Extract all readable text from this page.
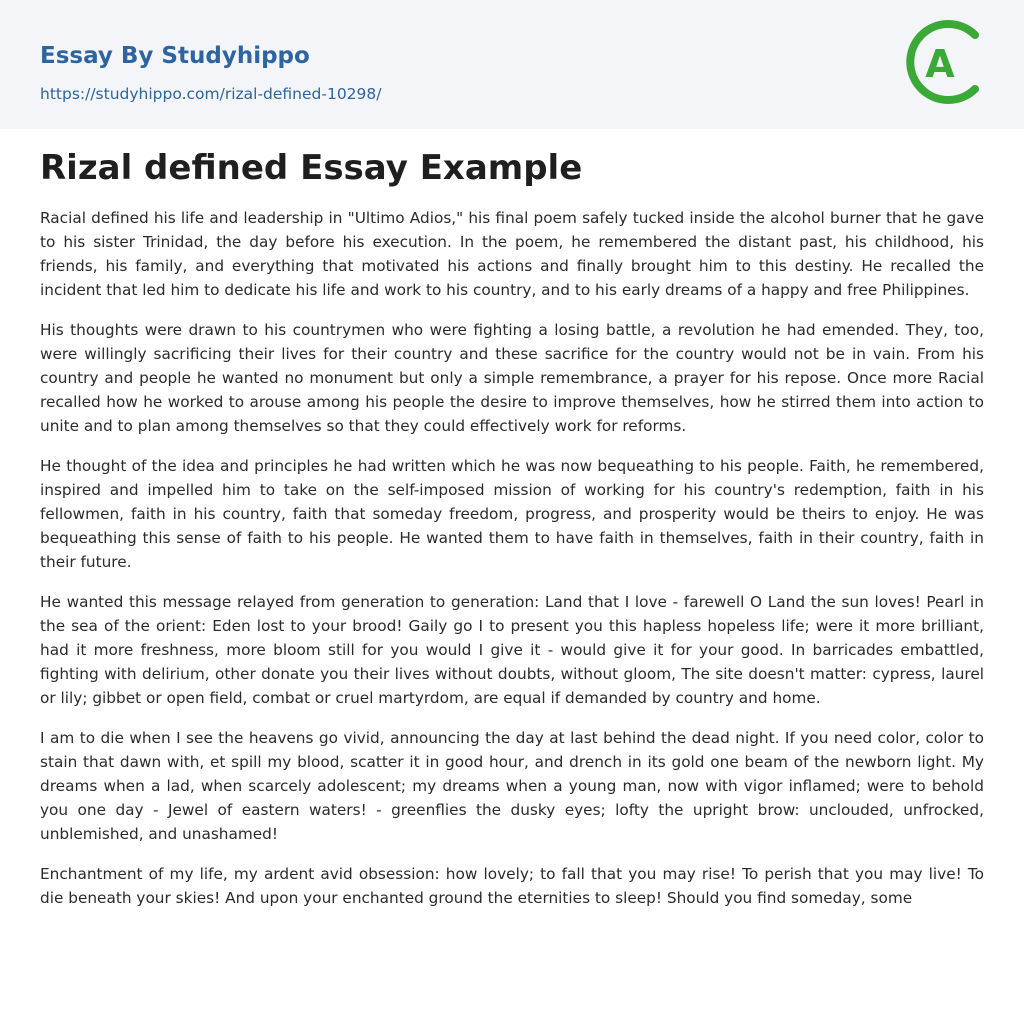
Essay By Studyhippo
https://studyhippo.com/rizal-defined-10298/
A
Rizal defined Essay Example

Racial defined his life and leadership in "Ultimo Adios," his final poem safely tucked inside the alcohol burner that he gave to his sister Trinidad, the day before his execution. In the poem, he remembered the distant past, his childhood, his friends, his family, and everything that motivated his actions and finally brought him to this destiny. He recalled the incident that led him to dedicate his life and work to his country, and to his early dreams of a happy and free Philippines.

His thoughts were drawn to his countrymen who were fighting a losing battle, a revolution he had emended. They, too, were willingly sacrificing their lives for their country and these sacrifice for the country would not be in vain. From his country and people he wanted no monument but only a simple remembrance, a prayer for his repose. Once more Racial recalled how he worked to arouse among his people the desire to improve themselves, how he stirred them into action to unite and to plan among themselves so that they could effectively work for reforms.

He thought of the idea and principles he had written which he was now bequeathing to his people. Faith, he remembered, inspired and impelled him to take on the self-imposed mission of working for his country's redemption, faith in his fellowmen, faith in his country, faith that someday freedom, progress, and prosperity would be theirs to enjoy. He was bequeathing this sense of faith to his people. He wanted them to have faith in themselves, faith in their country, faith in their future.

He wanted this message relayed from generation to generation: Land that I love - farewell O Land the sun loves! Pearl in the sea of the orient: Eden lost to your brood! Gaily go I to present you this hapless hopeless life; were it more brilliant, had it more freshness, more bloom still for you would I give it - would give it for your good. In barricades embattled, fighting with delirium, other donate you their lives without doubts, without gloom, The site doesn't matter: cypress, laurel or lily; gibbet or open field, combat or cruel martyrdom, are equal if demanded by country and home.

I am to die when I see the heavens go vivid, announcing the day at last behind the dead night. If you need color, color to stain that dawn with, et spill my blood, scatter it in good hour, and drench in its gold one beam of the newborn light. My dreams when a lad, when scarcely adolescent; my dreams when a young man, now with vigor inflamed; were to behold you one day - Jewel of eastern waters! - greenflies the dusky eyes; lofty the upright brow: unclouded, unfrocked, unblemished, and unashamed!

Enchantment of my life, my ardent avid obsession: how lovely; to fall that you may rise! To perish that you may live! To die beneath your skies! And upon your enchanted ground the eternities to sleep! Should you find someday, some
